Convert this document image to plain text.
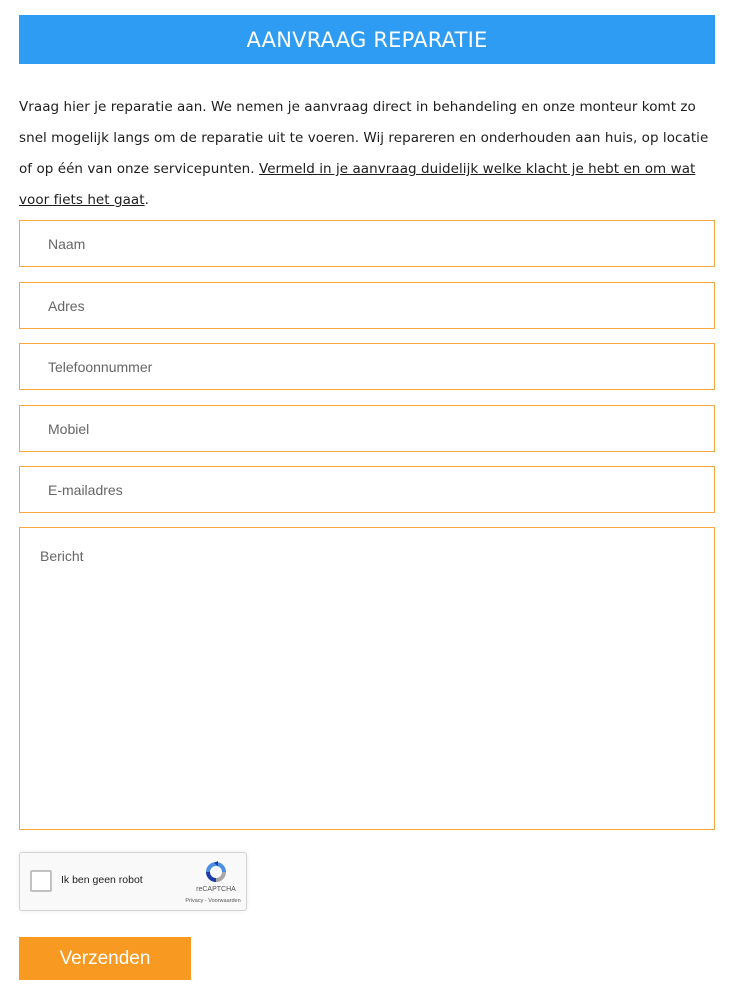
AANVRAAG REPARATIE

Vraag hier je reparatie aan. We nemen je aanvraag direct in behandeling en onze monteur komt zo snel mogelijk langs om de reparatie uit te voeren. Wij repareren en onderhouden aan huis, op locatie of op één van onze servicepunten. Vermeld in je aanvraag duidelijk welke klacht je hebt en om wat voor fiets het gaat.

Naam
Adres
Telefoonnummer
Mobiel
E-mailadres
Bericht
Ik ben geen robot
reCAPTCHA
Privacy - Voorwaarden
Verzenden
